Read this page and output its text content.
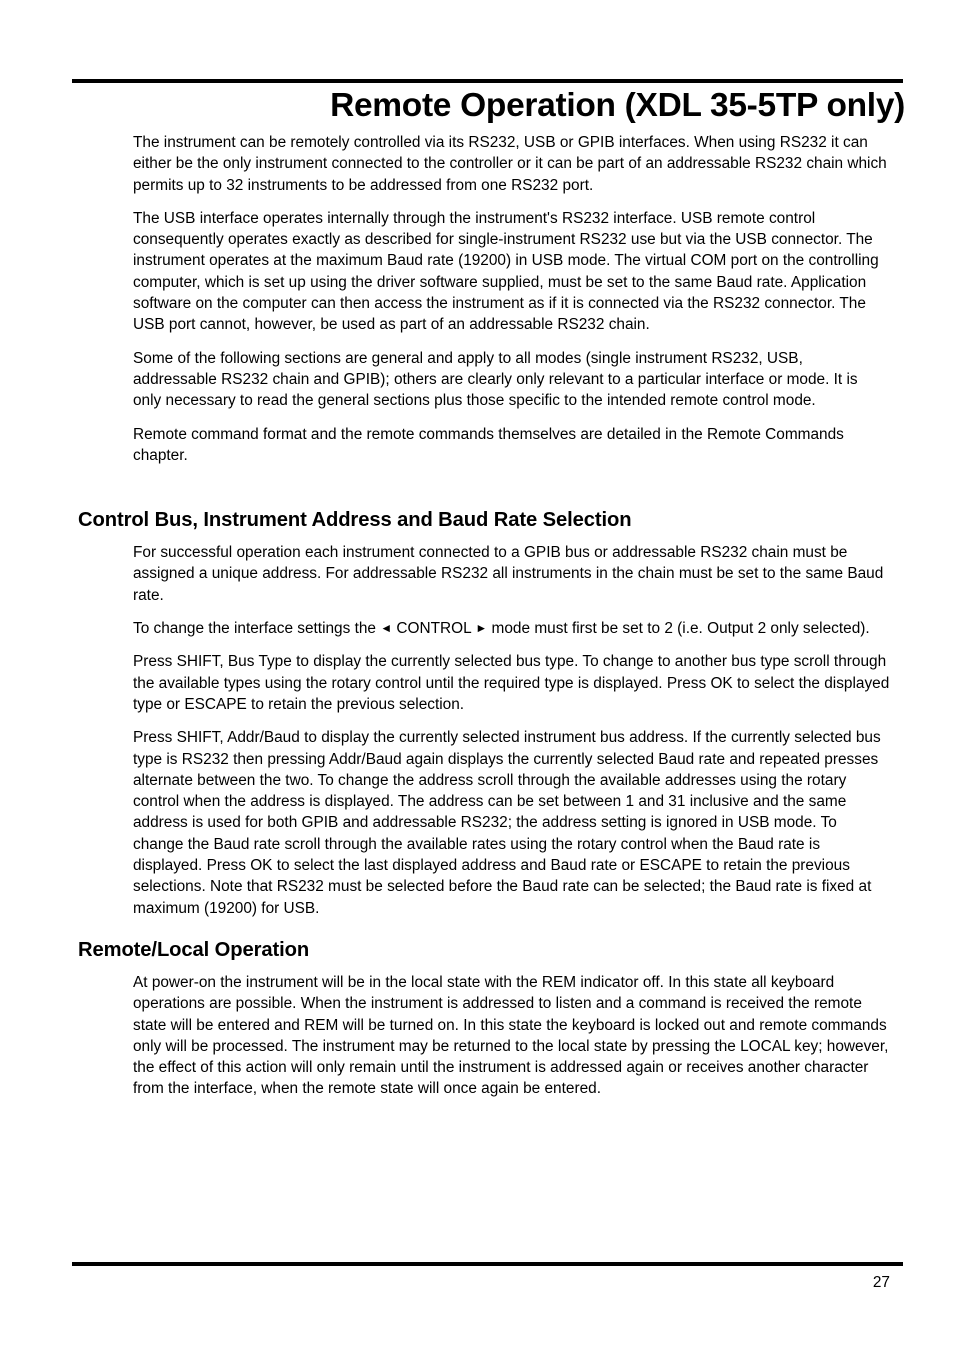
Remote Operation (XDL 35-5TP only)

The instrument can be remotely controlled via its RS232, USB or GPIB interfaces. When using RS232 it can either be the only instrument connected to the controller or it can be part of an addressable RS232 chain which permits up to 32 instruments to be addressed from one RS232 port.

The USB interface operates internally through the instrument's RS232 interface. USB remote control consequently operates exactly as described for single-instrument RS232 use but via the USB connector. The instrument operates at the maximum Baud rate (19200) in USB mode. The virtual COM port on the controlling computer, which is set up using the driver software supplied, must be set to the same Baud rate. Application software on the computer can then access the instrument as if it is connected via the RS232 connector. The USB port cannot, however, be used as part of an addressable RS232 chain.

Some of the following sections are general and apply to all modes (single instrument RS232, USB, addressable RS232 chain and GPIB); others are clearly only relevant to a particular interface or mode. It is only necessary to read the general sections plus those specific to the intended remote control mode.

Remote command format and the remote commands themselves are detailed in the Remote Commands chapter.

Control Bus, Instrument Address and Baud Rate Selection

For successful operation each instrument connected to a GPIB bus or addressable RS232 chain must be assigned a unique address. For addressable RS232 all instruments in the chain must be set to the same Baud rate.

To change the interface settings the ◄ CONTROL ► mode must first be set to 2 (i.e. Output 2 only selected).

Press SHIFT, Bus Type to display the currently selected bus type. To change to another bus type scroll through the available types using the rotary control until the required type is displayed. Press OK to select the displayed type or ESCAPE to retain the previous selection.

Press SHIFT, Addr/Baud to display the currently selected instrument bus address. If the currently selected bus type is RS232 then pressing Addr/Baud again displays the currently selected Baud rate and repeated presses alternate between the two. To change the address scroll through the available addresses using the rotary control when the address is displayed. The address can be set between 1 and 31 inclusive and the same address is used for both GPIB and addressable RS232; the address setting is ignored in USB mode. To change the Baud rate scroll through the available rates using the rotary control when the Baud rate is displayed. Press OK to select the last displayed address and Baud rate or ESCAPE to retain the previous selections. Note that RS232 must be selected before the Baud rate can be selected; the Baud rate is fixed at maximum (19200) for USB.

Remote/Local Operation

At power-on the instrument will be in the local state with the REM indicator off. In this state all keyboard operations are possible. When the instrument is addressed to listen and a command is received the remote state will be entered and REM will be turned on. In this state the keyboard is locked out and remote commands only will be processed. The instrument may be returned to the local state by pressing the LOCAL key; however, the effect of this action will only remain until the instrument is addressed again or receives another character from the interface, when the remote state will once again be entered.

27
